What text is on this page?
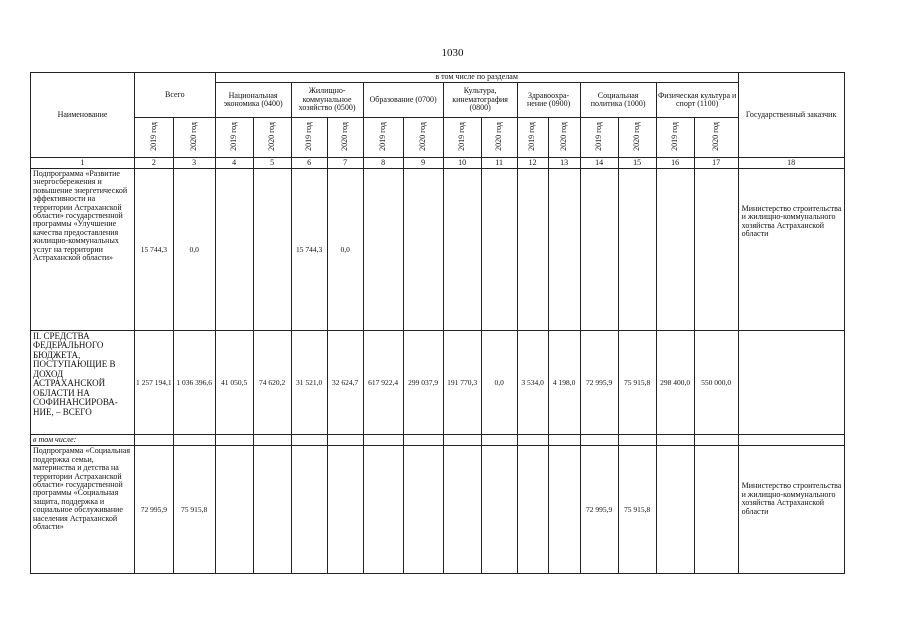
1030
Наименование	Всего		в том числе по разделам														Государственный заказчик
			Национальная экономика (0400)		Жилищно-коммунальное хозяйство (0500)		Образование (0700)		Культура, кинематография (0800)		Здравоохра-нение (0900)		Социальная политика (1000)		Физическая культура и спорт (1100)		
	2019 год	2020 год	2019 год	2020 год	2019 год	2020 год	2019 год	2020 год	2019 год	2020 год	2019 год	2020 год	2019 год	2020 год	2019 год	2020 год	
1	2	3	4	5	6	7	8	9	10	11	12	13	14	15	16	17	18
Подпрограмма «Развитие энергосбережения и повышение энергетической эффективности на территории Астраханской области» государственной программы «Улучшение качества предоставления жилищно-коммунальных услуг на территории Астраханской области»	15 744,3	0,0			15 744,3	0,0											Министерство строительства и жилищно-коммунального хозяйства Астраханской области
II. СРЕДСТВА ФЕДЕРАЛЬНОГО БЮДЖЕТА, ПОСТУПАЮЩИЕ В ДОХОД АСТРАХАНСКОЙ ОБЛАСТИ НА СОФИНАНСИРОВА-НИЕ, – ВСЕГО	1 257 194,1	1 036 396,6	41 050,5	74 620,2	31 521,0	32 624,7	617 922,4	299 037,9	191 770,3	0,0	3 534,0	4 198,0	72 995,9	75 915,8	298 400,0	550 000,0	
в том числе:																	
Подпрограмма «Социальная поддержка семьи, материнства и детства на территории Астраханской области» государственной программы «Социальная защита, поддержка и социальное обслуживание населения Астраханской области»	72 995,9	75 915,8											72 995,9	75 915,8			Министерство строительства и жилищно-коммунального хозяйства Астраханской области
